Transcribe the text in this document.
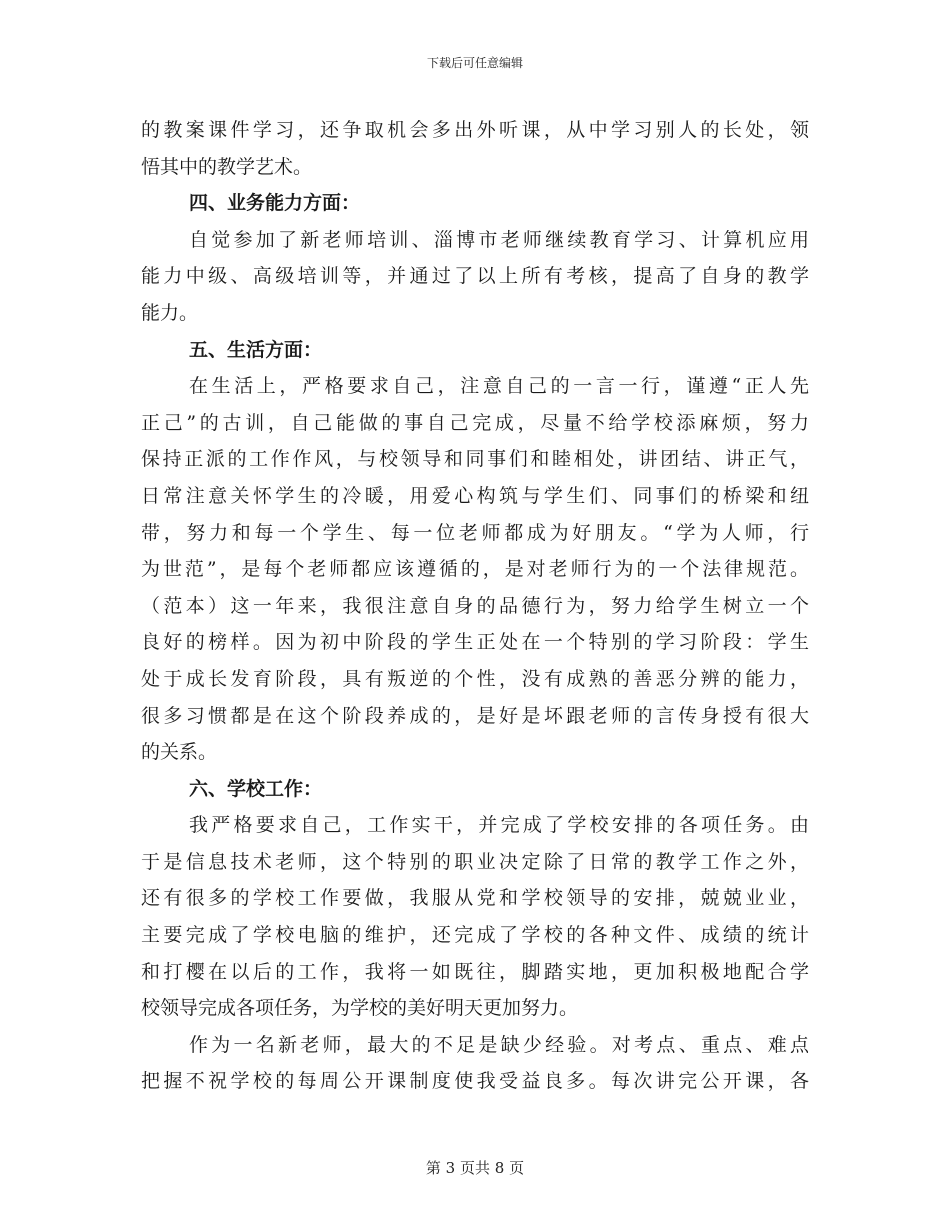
下载后可任意编辑
的教案课件学习，还争取机会多出外听课，从中学习别人的长处，领
悟其中的教学艺术。
四、业务能力方面：
自觉参加了新老师培训、淄博市老师继续教育学习、计算机应用
能力中级、高级培训等，并通过了以上所有考核，提高了自身的教学
能力。
五、生活方面：
在生活上，严格要求自己，注意自己的一言一行，谨遵“正人先
正己”的古训，自己能做的事自己完成，尽量不给学校添麻烦，努力
保持正派的工作作风，与校领导和同事们和睦相处，讲团结、讲正气，
日常注意关怀学生的冷暖，用爱心构筑与学生们、同事们的桥梁和纽
带，努力和每一个学生、每一位老师都成为好朋友。“学为人师，行
为世范”，是每个老师都应该遵循的，是对老师行为的一个法律规范。
（范本）这一年来，我很注意自身的品德行为，努力给学生树立一个
良好的榜样。因为初中阶段的学生正处在一个特别的学习阶段：学生
处于成长发育阶段，具有叛逆的个性，没有成熟的善恶分辨的能力，
很多习惯都是在这个阶段养成的，是好是坏跟老师的言传身授有很大
的关系。
六、学校工作：
我严格要求自己，工作实干，并完成了学校安排的各项任务。由
于是信息技术老师，这个特别的职业决定除了日常的教学工作之外，
还有很多的学校工作要做，我服从党和学校领导的安排，兢兢业业，
主要完成了学校电脑的维护，还完成了学校的各种文件、成绩的统计
和打樱在以后的工作，我将一如既往，脚踏实地，更加积极地配合学
校领导完成各项任务，为学校的美好明天更加努力。
作为一名新老师，最大的不足是缺少经验。对考点、重点、难点
把握不祝学校的每周公开课制度使我受益良多。每次讲完公开课，各
第 3 页共 8 页
